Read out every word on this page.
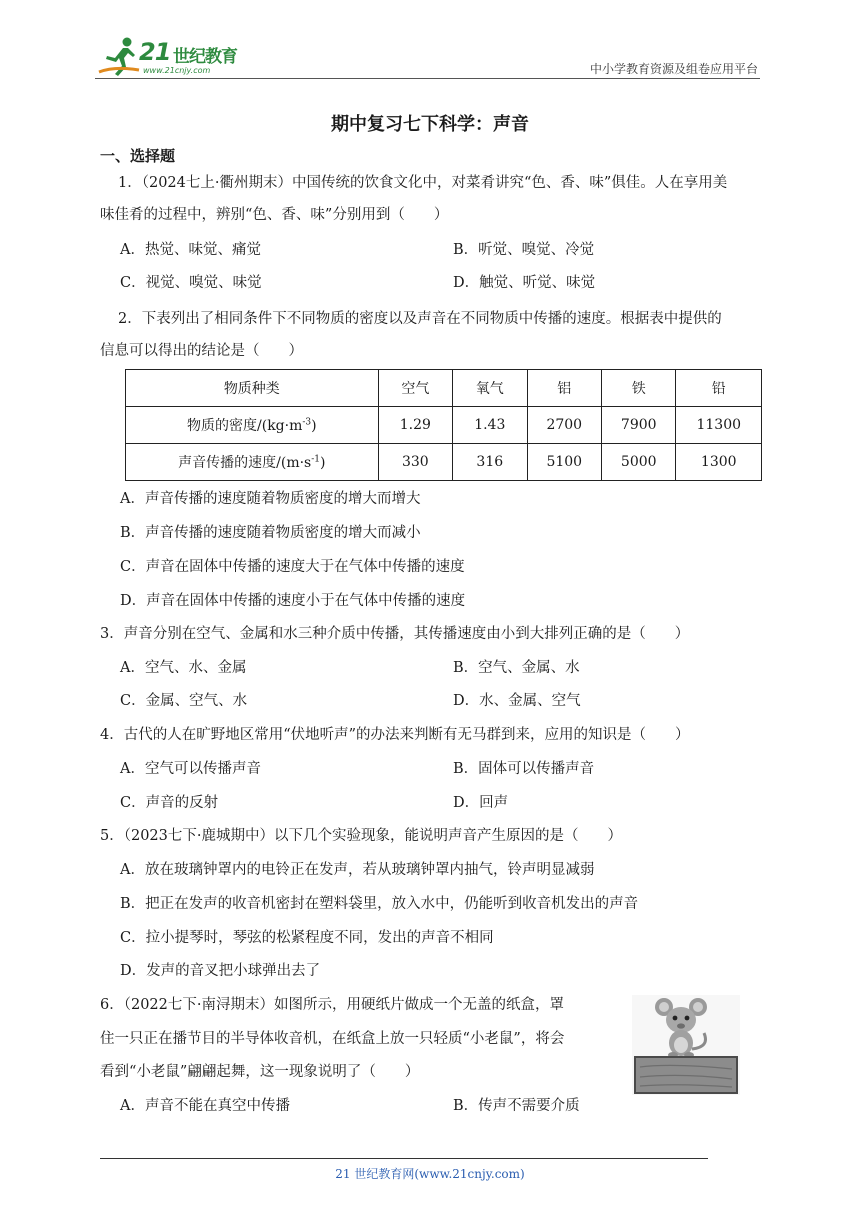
21 世纪教育
www.21cnjy.com	中小学教育资源及组卷应用平台
期中复习七下科学：声音
一、选择题
1．（2024七上·衢州期末）中国传统的饮食文化中，对菜肴讲究“色、香、味”俱佳。人在享用美
味佳肴的过程中，辨别“色、香、味”分别用到（　　）
A．热觉、味觉、痛觉	B．听觉、嗅觉、冷觉
C．视觉、嗅觉、味觉	D．触觉、听觉、味觉
2．下表列出了相同条件下不同物质的密度以及声音在不同物质中传播的速度。根据表中提供的
信息可以得出的结论是（　　）
物质种类	空气	氧气	铝	铁	铅
物质的密度$/(kg\cdot m^{-3})$	1.29	1.43	2700	7900	11300
声音传播的速度$/(m\cdot s^{-1})$	330	316	5100	5000	1300
A．声音传播的速度随着物质密度的增大而增大
B．声音传播的速度随着物质密度的增大而减小
C．声音在固体中传播的速度大于在气体中传播的速度
D．声音在固体中传播的速度小于在气体中传播的速度
3．声音分别在空气、金属和水三种介质中传播，其传播速度由小到大排列正确的是（　　）
A．空气、水、金属	B．空气、金属、水
C．金属、空气、水	D．水、金属、空气
4．古代的人在旷野地区常用“伏地听声”的办法来判断有无马群到来，应用的知识是（　　）
A．空气可以传播声音	B．固体可以传播声音
C．声音的反射	D．回声
5．（2023七下·鹿城期中）以下几个实验现象，能说明声音产生原因的是（　　）
A．放在玻璃钟罩内的电铃正在发声，若从玻璃钟罩内抽气，铃声明显减弱
B．把正在发声的收音机密封在塑料袋里，放入水中，仍能听到收音机发出的声音
C．拉小提琴时，琴弦的松紧程度不同，发出的声音不相同
D．发声的音叉把小球弹出去了
6．（2022七下·南浔期末）如图所示，用硬纸片做成一个无盖的纸盒，罩
住一只正在播节目的半导体收音机，在纸盒上放一只轻质“小老鼠”，将会
看到“小老鼠”翩翩起舞，这一现象说明了（　　）
A．声音不能在真空中传播	B．传声不需要介质
21 世纪教育网(www.21cnjy.com)
